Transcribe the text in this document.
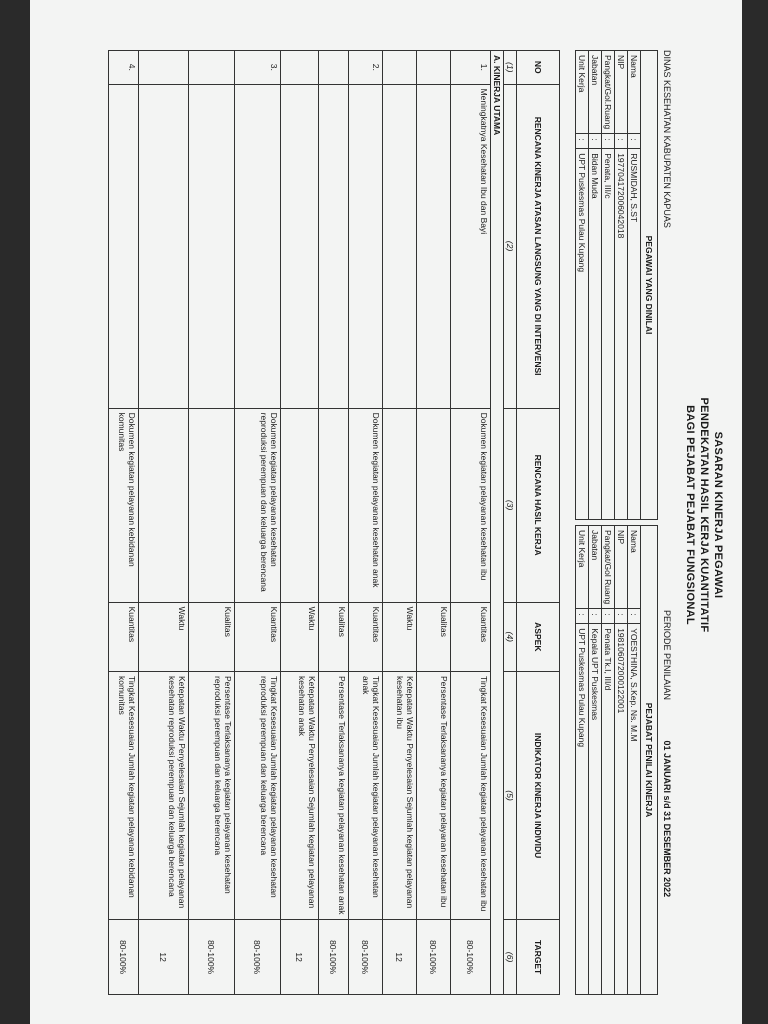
SASARAN KINERJA PEGAWAI
PENDEKATAN HASIL KERJA KUANTITATIF
BAGI PEJABAT PEJABAT FUNGSIONAL
DINAS KESEHATAN KABUPATEN KAPUAS
PERIODE PENILAIAN 01 JANUARI s/d 31 DESEMBER 2022
PEGAWAI YANG DINILAI		
Nama	:	RUSMIDAH, S.ST
NIP	:	197704172006042018
Pangkat/Gol.Ruang	:	Penata, III/c
Jabatan	:	Bidan Muda
Unit Kerja	:	UPT Puskesmas Pulau Kupang
PEJABAT PENILAI KINERJA		
Nama	:	YOESTHINA, S.Kep. Ns. M.M
NIP	:	198106072000122001
Pangkat/Gol Ruang	:	Penata Tk.I, III/d
Jabatan	:	Kepala UPT Puskesmas
Unit Kerja	:	UPT Puskesmas Pulau Kupang
NO	RENCANA KINERJA ATASAN LANGSUNG YANG DI INTERVENSI	RENCANA HASIL KERJA	ASPEK	INDIKATOR KINERJA INDIVIDU	TARGET
(1)	(2)	(3)	(4)	(5)	(6)
A. KINERJA UTAMA					
1.	Meningkatnya Kesehatan Ibu dan Bayi	Dokumen kegiatan pelayanan kesehatan ibu	Kuantitas	Tingkat Kesesuaian Jumlah kegiatan pelayanan kesehatan ibu	80-100%
			Kualitas	Persentase Terlaksananya kegiatan pelayanan kesehatan ibu	80-100%
			Waktu	Ketepatan Waktu Penyelesaian Sejumlah kegiatan pelayanan kesehatan ibu	12
2.		Dokumen kegiatan pelayanan kesehatan anak	Kuantitas	Tingkat Kesesuaian Jumlah kegiatan pelayanan kesehatan anak	80-100%
			Kualitas	Persentase Terlaksananya kegiatan pelayanan kesehatan anak	80-100%
			Waktu	Ketepatan Waktu Penyelesaian Sejumlah kegiatan pelayanan kesehatan anak	12
3.		Dokumen kegiatan pelayanan kesehatan reproduksi perempuan dan keluarga berencana	Kuantitas	Tingkat Kesesuaian Jumlah kegiatan pelayanan kesehatan reproduksi perempuan dan keluarga berencana	80-100%
			Kualitas	Persentase Terlaksananya kegiatan pelayanan kesehatan reproduksi perempuan dan keluarga berencana	80-100%
			Waktu	Ketepatan Waktu Penyelesaian Sejumlah kegiatan pelayanan kesehatan reproduksi perempuan dan keluarga berencana	12
4.		Dokumen kegiatan pelayanan kebidanan komunitas	Kuantitas	Tingkat Kesesuaian Jumlah kegiatan pelayanan kebidanan komunitas	80-100%
